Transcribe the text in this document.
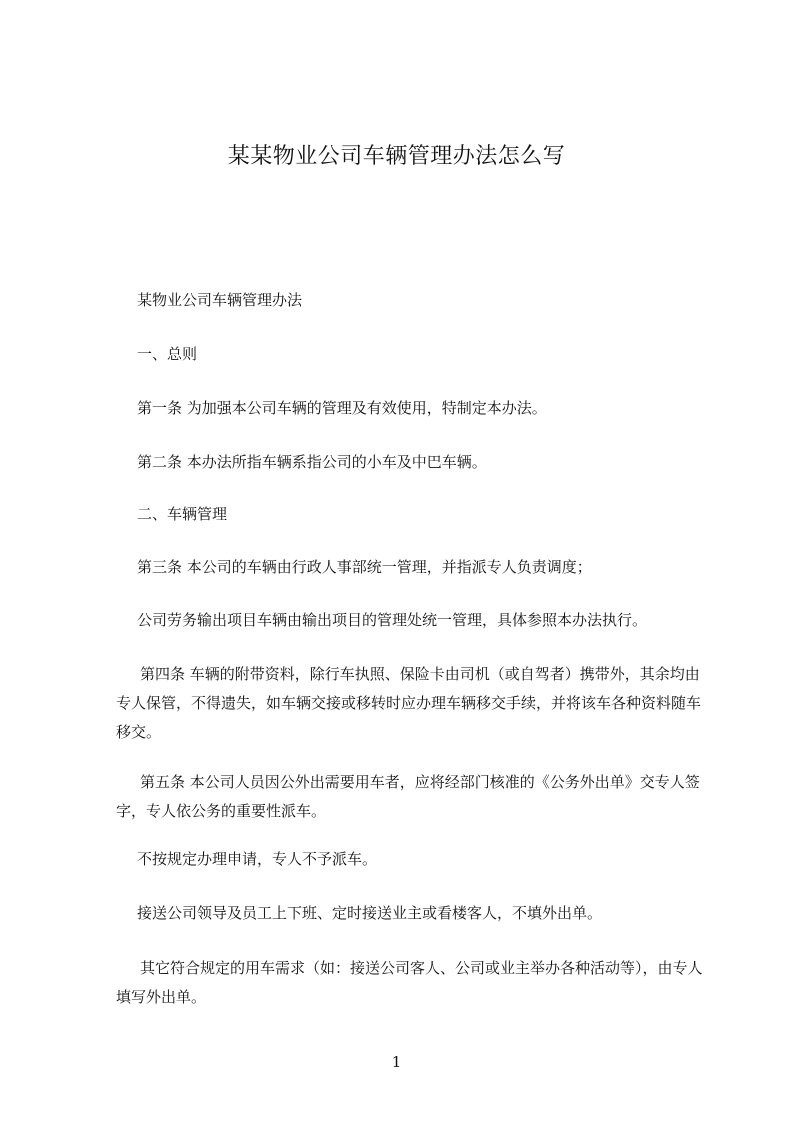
某某物业公司车辆管理办法怎么写

某物业公司车辆管理办法

一、总则

第一条 为加强本公司车辆的管理及有效使用，特制定本办法。

第二条 本办法所指车辆系指公司的小车及中巴车辆。

二、车辆管理

第三条 本公司的车辆由行政人事部统一管理，并指派专人负责调度；

公司劳务输出项目车辆由输出项目的管理处统一管理，具体参照本办法执行。

第四条 车辆的附带资料，除行车执照、保险卡由司机（或自驾者）携带外，其余均由专人保管，不得遗失，如车辆交接或移转时应办理车辆移交手续，并将该车各种资料随车移交。

第五条 本公司人员因公外出需要用车者，应将经部门核准的《公务外出单》交专人签字，专人依公务的重要性派车。

不按规定办理申请，专人不予派车。

接送公司领导及员工上下班、定时接送业主或看楼客人，不填外出单。

其它符合规定的用车需求（如：接送公司客人、公司或业主举办各种活动等），由专人填写外出单。

1
